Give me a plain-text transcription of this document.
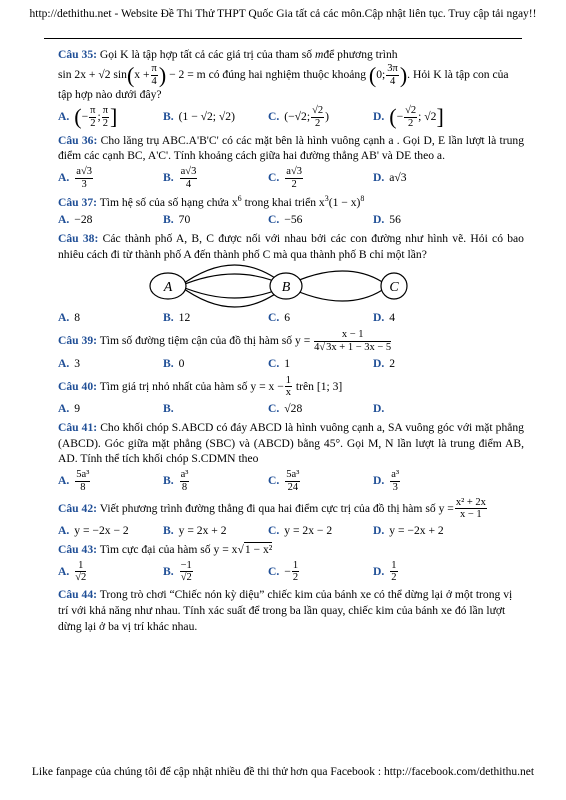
http://dethithu.net - Website Đề Thi Thử THPT Quốc Gia tất cả các môn.Cập nhật liên tục. Truy cập tải ngay!!
Câu 35: Gọi K là tập hợp tất cả các giá trị của tham số mđể phương trình
sin 2x + √2 $\sin(x + \frac{\pi}{4}$ ) − 2 = m có đúng hai nghiệm thuộc khoảng (0; $\frac{3\pi}{4}$ ). Hỏi K là tập con của
tập hợp nào dưới đây?
A. ( − $\frac{\pi}{2}$ ; $\frac{\pi}{2}$ ]	B. (1 − √2; √2)	C. (−√2; $\frac{√2}{2}$ )	D. ( − $\frac{√2}{2}$ ; √2 ]
Câu 36: Cho lăng trụ ABC.A'B'C' có các mặt bên là hình vuông cạnh a . Gọi D, E lần lượt là trung điểm các cạnh BC, A'C'. Tính khoảng cách giữa hai đường thẳng AB' và DE theo a.
A. $\frac{a√3}{3}$	B. $\frac{a√3}{4}$	C. $\frac{a√3}{2}$	D. a√3
Câu 37: Tìm hệ số của số hạng chứa $x^6$ trong khai triển $x^3(1 - x)^8$
A. −28	B. 70	C. −56	D. 56
Câu 38: Các thành phố A, B, C được nối với nhau bởi các con đường như hình vẽ. Hỏi có bao nhiêu cách đi từ thành phố A đến thành phố C mà qua thành phố B chỉ một lần?
A	B	C
A. 8	B. 12	C. 6	D. 4
Câu 39: Tìm số đường tiệm cận của đồ thị hàm số $y = \frac{x - 1}{4√3x + 1 - 3x - 5}$
A. 3	B. 0	C. 1	D. 2
Câu 40: Tìm giá trị nhỏ nhất của hàm số $y = x - \frac{1}{x}$ trên [1; 3]
A. 9	B.	C. √28	D.
Câu 41: Cho khối chóp S.ABCD có đáy ABCD là hình vuông cạnh a, SA vuông góc với mặt phẳng (ABCD). Góc giữa mặt phẳng (SBC) và (ABCD) bằng 45°. Gọi M, N lần lượt là trung điểm AB, AD. Tính thể tích khối chóp S.CDMN theo
A. $\frac{\text{5a³}}{8}$	B. $\frac{\text{a³}}{8}$	C. $\frac{\text{5a³}}{24}$	D. $\frac{\text{a³}}{3}$
Câu 42: Viết phương trình đường thẳng đi qua hai điểm cực trị của đồ thị hàm số $y = \frac{\text{x² + 2x}}{x - 1}$
A. y = −2x − 2	B. y = 2x + 2	C. y = 2x − 2	D. y = −2x + 2
Câu 43: Tìm cực đại của hàm số y = x√1 − x²
A. $\frac{1}{√2}$	B. $\frac{-1}{√2}$	C. − $\frac{1}{2}$	D. $\frac{1}{2}$
Câu 44: Trong trò chơi “Chiếc nón kỳ diệu” chiếc kim của bánh xe có thể dừng lại ở một trong vị trí với khả năng như nhau. Tính xác suất để trong ba lần quay, chiếc kim của bánh xe đó lần lượt dừng lại ở ba vị trí khác nhau.
Like fanpage của chúng tôi để cập nhật nhiều đề thi thử hơn qua Facebook : http://facebook.com/dethithu.net
